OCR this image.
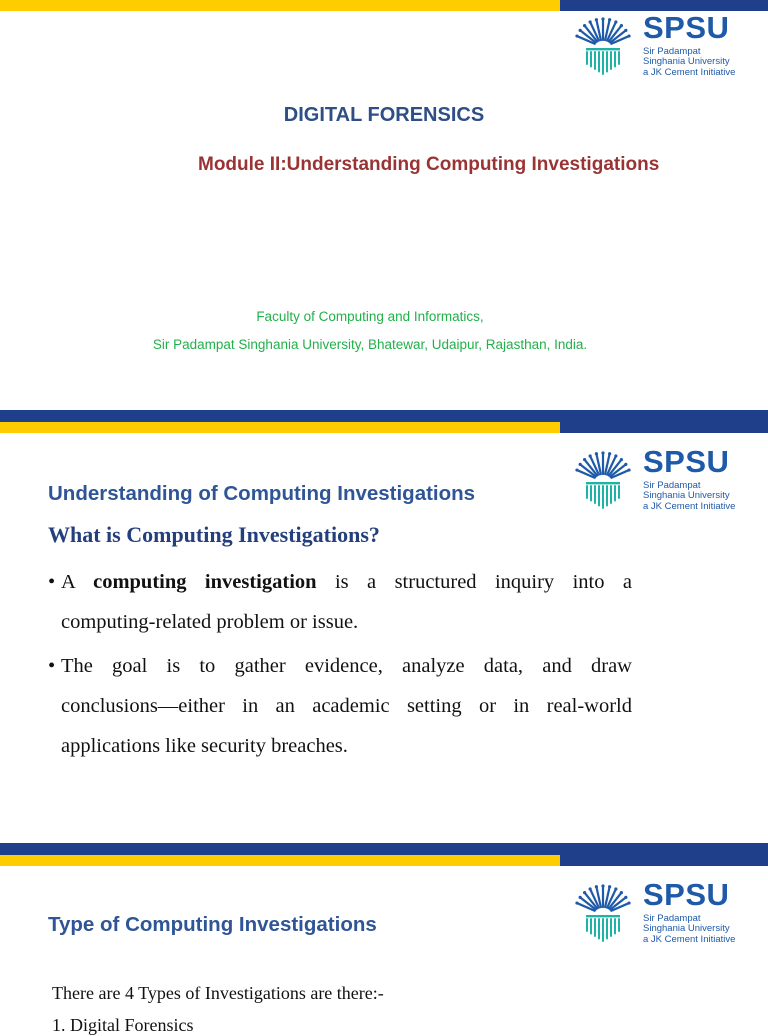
SPSU
Sir Padampat
Singhania University
a JK Cement Initiative
DIGITAL FORENSICS
Module II:Understanding Computing Investigations
Faculty of Computing and Informatics,
Sir Padampat Singhania University, Bhatewar, Udaipur, Rajasthan, India.
SPSU
Sir Padampat
Singhania University
a JK Cement Initiative
Understanding of Computing Investigations
What is Computing Investigations?
• A computing investigation is a structured inquiry into a
computing-related problem or issue.
• The goal is to gather evidence, analyze data, and draw
conclusions—either in an academic setting or in real-world
applications like security breaches.
SPSU
Sir Padampat
Singhania University
a JK Cement Initiative
Type of Computing Investigations
There are 4 Types of Investigations are there:-
1. Digital Forensics
